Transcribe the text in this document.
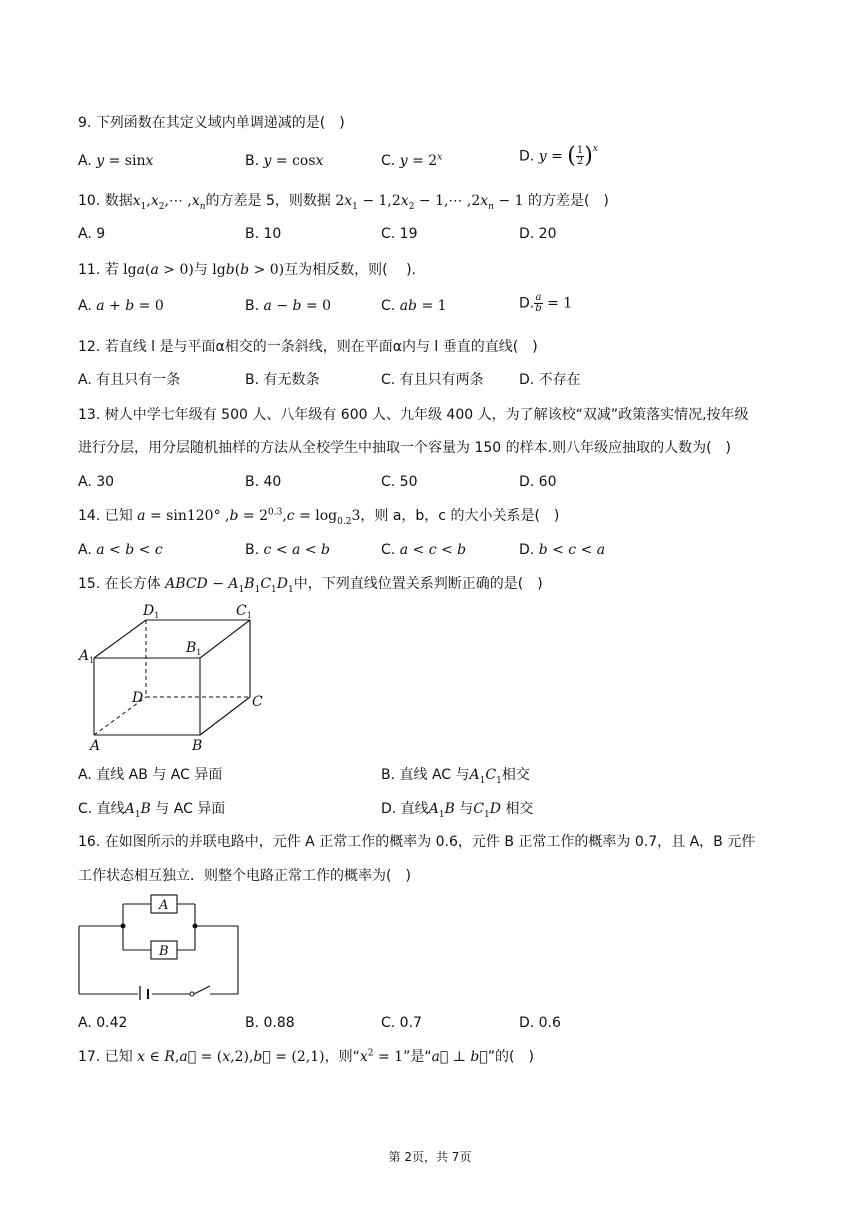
9. 下列函数在其定义域内单调递减的是(　)
A. y = sinx	B. y = cosx	C. $y = 2^x$	D. y = ( $\frac{1}{2} )^x$
10. 数据$x_1,x_2,\cdots$ $,x_n$的方差是 5，则数据 $2x_1 - 1,2x_2$ − 1,⋯ $,2x_n - 1$ 的方差是(　)
A. 9	B. 10	C. 19	D. 20
11. 若 lga(a > 0)与 lgb(b > 0)互为相反数，则(　 ).
A. a + b = 0	B. a − b = 0	C. ab = 1	D. $\frac{a}{b} = 1$
12. 若直线 l 是与平面α相交的一条斜线，则在平面α内与 l 垂直的直线(　)
A. 有且只有一条	B. 有无数条	C. 有且只有两条	D. 不存在
13. 树人中学七年级有 500 人、八年级有 600 人、九年级 400 人，为了解该校“双减”政策落实情况,按年级
进行分层，用分层随机抽样的方法从全校学生中抽取一个容量为 150 的样本.则八年级应抽取的人数为(　)
A. 30	B. 40	C. 50	D. 60
14. 已知 a = sin120° $,b = 2^{0.3},c = \log_{0.2}3$，则 a，b，c 的大小关系是(　)
A. a < b < c	B. c < a < b	C. a < c < b	D. b < c < a
15. 在长方体 ABCD − $A_1B_1C_1D_1$中，下列直线位置关系判断正确的是(　)
$D_1$	$C_1$
$A_1$
$B_1$
D	C
A	B
A. 直线 AB 与 AC 异面	B. 直线 AC 与$A_1C_1$相交
C. 直线$A_1B$ 与 AC 异面	D. 直线$A_1B$ 与$C_1D$ 相交
16. 在如图所示的并联电路中，元件 A 正常工作的概率为 0.6，元件 B 正常工作的概率为 0.7，且 A，B 元件
工作状态相互独立．则整个电路正常工作的概率为(　)
A
B
A. 0.42	B. 0.88	C. 0.7	D. 0.6
17. 已知 x ∈ R,a⃗ = (x,2),b⃗ = (2,1)，则“$x^2 = 1$”是“a⃗ ⊥ b⃗”的(　)
第 2页，共 7页
